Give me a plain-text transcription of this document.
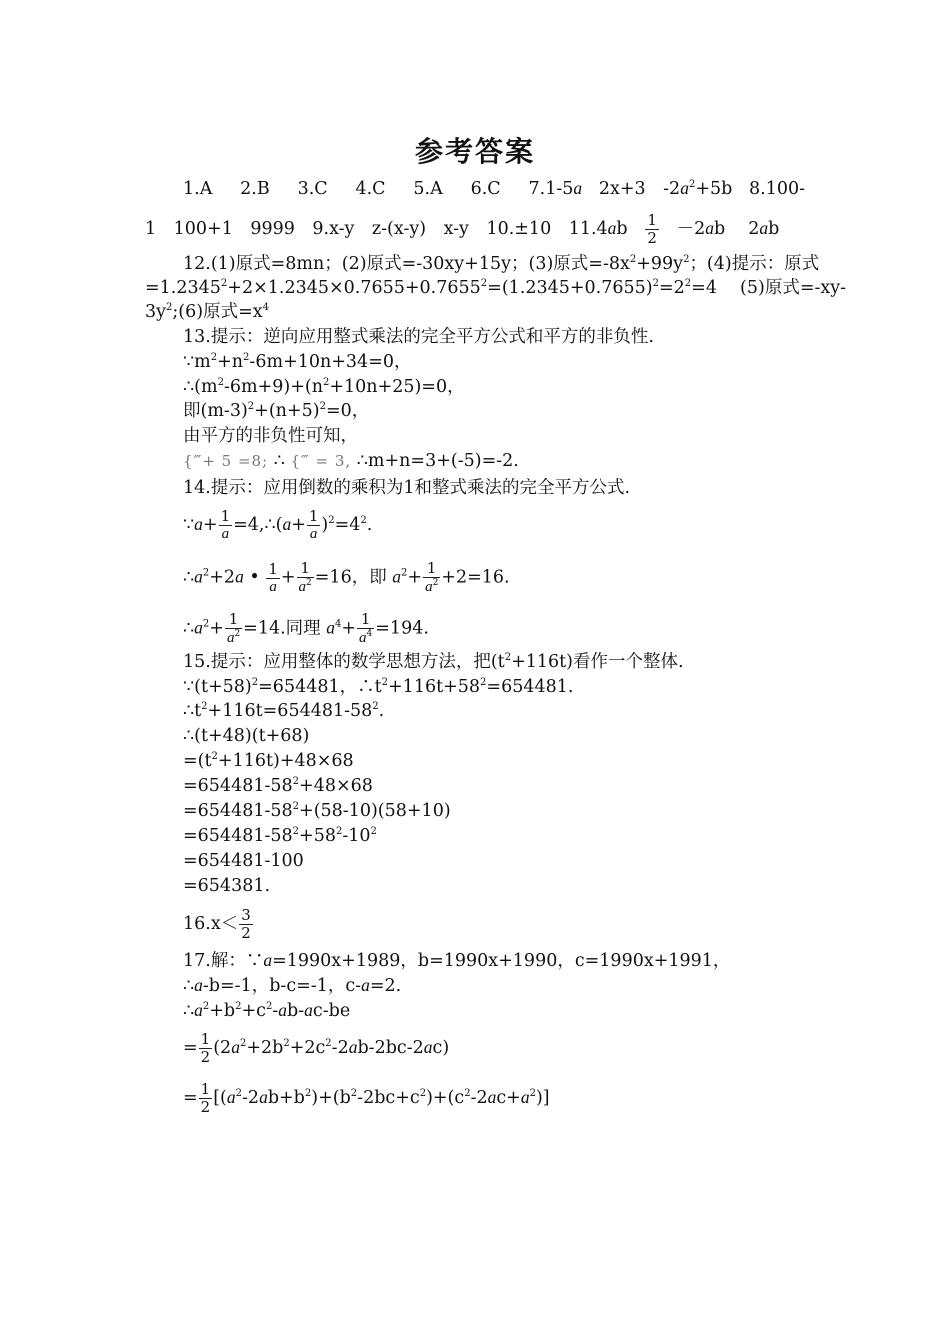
参考答案
1.A 2.B 3.C 4.C 5.A 6.C 7.1-5a 2x+3　$-2a^2+5b$ 8.100-
1　100+1　9999　9.x-y　z-(x-y)　x-y　10.±10　$11.4ab \frac{1}{2} -2ab$　 2ab
12.(1)原式=8mn；(2)原式=-30xy+15y；(3)原式$=-8x^2+99y^2$；(4)提示：原式
$=1.2345^2+2\times 1.2345\times 0.7655+0.7655^2=(1.2345+0.7655)^2=2^2=4$　 (5)原式=-xy-
$3y^2;(6)$原式$=x^4$
13.提示：逆向应用整式乘法的完全平方公式和平方的非负性.
$\because m^2+n^2-6m+10n+34=0$，
$\therefore(m^2-6m+9)+(n^2+10n+25)=0$，
即$(m-3)^2+(n+5)^2=0$，
由平方的非负性可知，
{‴+ 5 =8; ∴ {‴ = 3, ∴m+n=3+(-5)=-2.
14.提示：应用倒数的乘积为1和整式乘法的完全平方公式.
∵a+ $\frac{1}{a}$ =4,∴(a+ $\frac{1}{a} )^2=4^2$.
$\therefore a^2+2a$ • $\frac{1}{a} + \frac{1}{a^2} =16$，即 $a^2+ \frac{1}{a^2} +2=16$.
$\therefore a^2+ \frac{1}{a^2} =14$.同理 $a^4+ \frac{1}{a^4} =194$.
15.提示：应用整体的数学思想方法，把$(t^2+116t)$看作一个整体.
$\because(t+58)^2=654481$，$\therefore t^2+116t+58^2=654481$.
$\therefore t^2+116t=654481-58^2$.
∴(t+48)(t+68)
$=(t^2+116t)+48\times 68$
$=654481-58^2+48\times 68$
$=654481-58^2+(58-10)(58+10)$
$=654481-58^2+58^2-10^2$
=654481-100
=654381.
$16.x< \frac{3}{2}$
17.解：∵a=1990x+1989，b=1990x+1990，c=1990x+1991，
∴a-b=-1，b-c=-1，c-a=2.
$\therefore a^2+b^2+c^2-ab-ac-be$
= $\frac{1}{2} (2a^2+2b^2+2c^2-2ab-2bc-2ac)$
= $\frac{1}{2} [(a^2-2ab+b^2)+(b^2-2bc+c^2)+(c^2-2ac+a^2)]$
